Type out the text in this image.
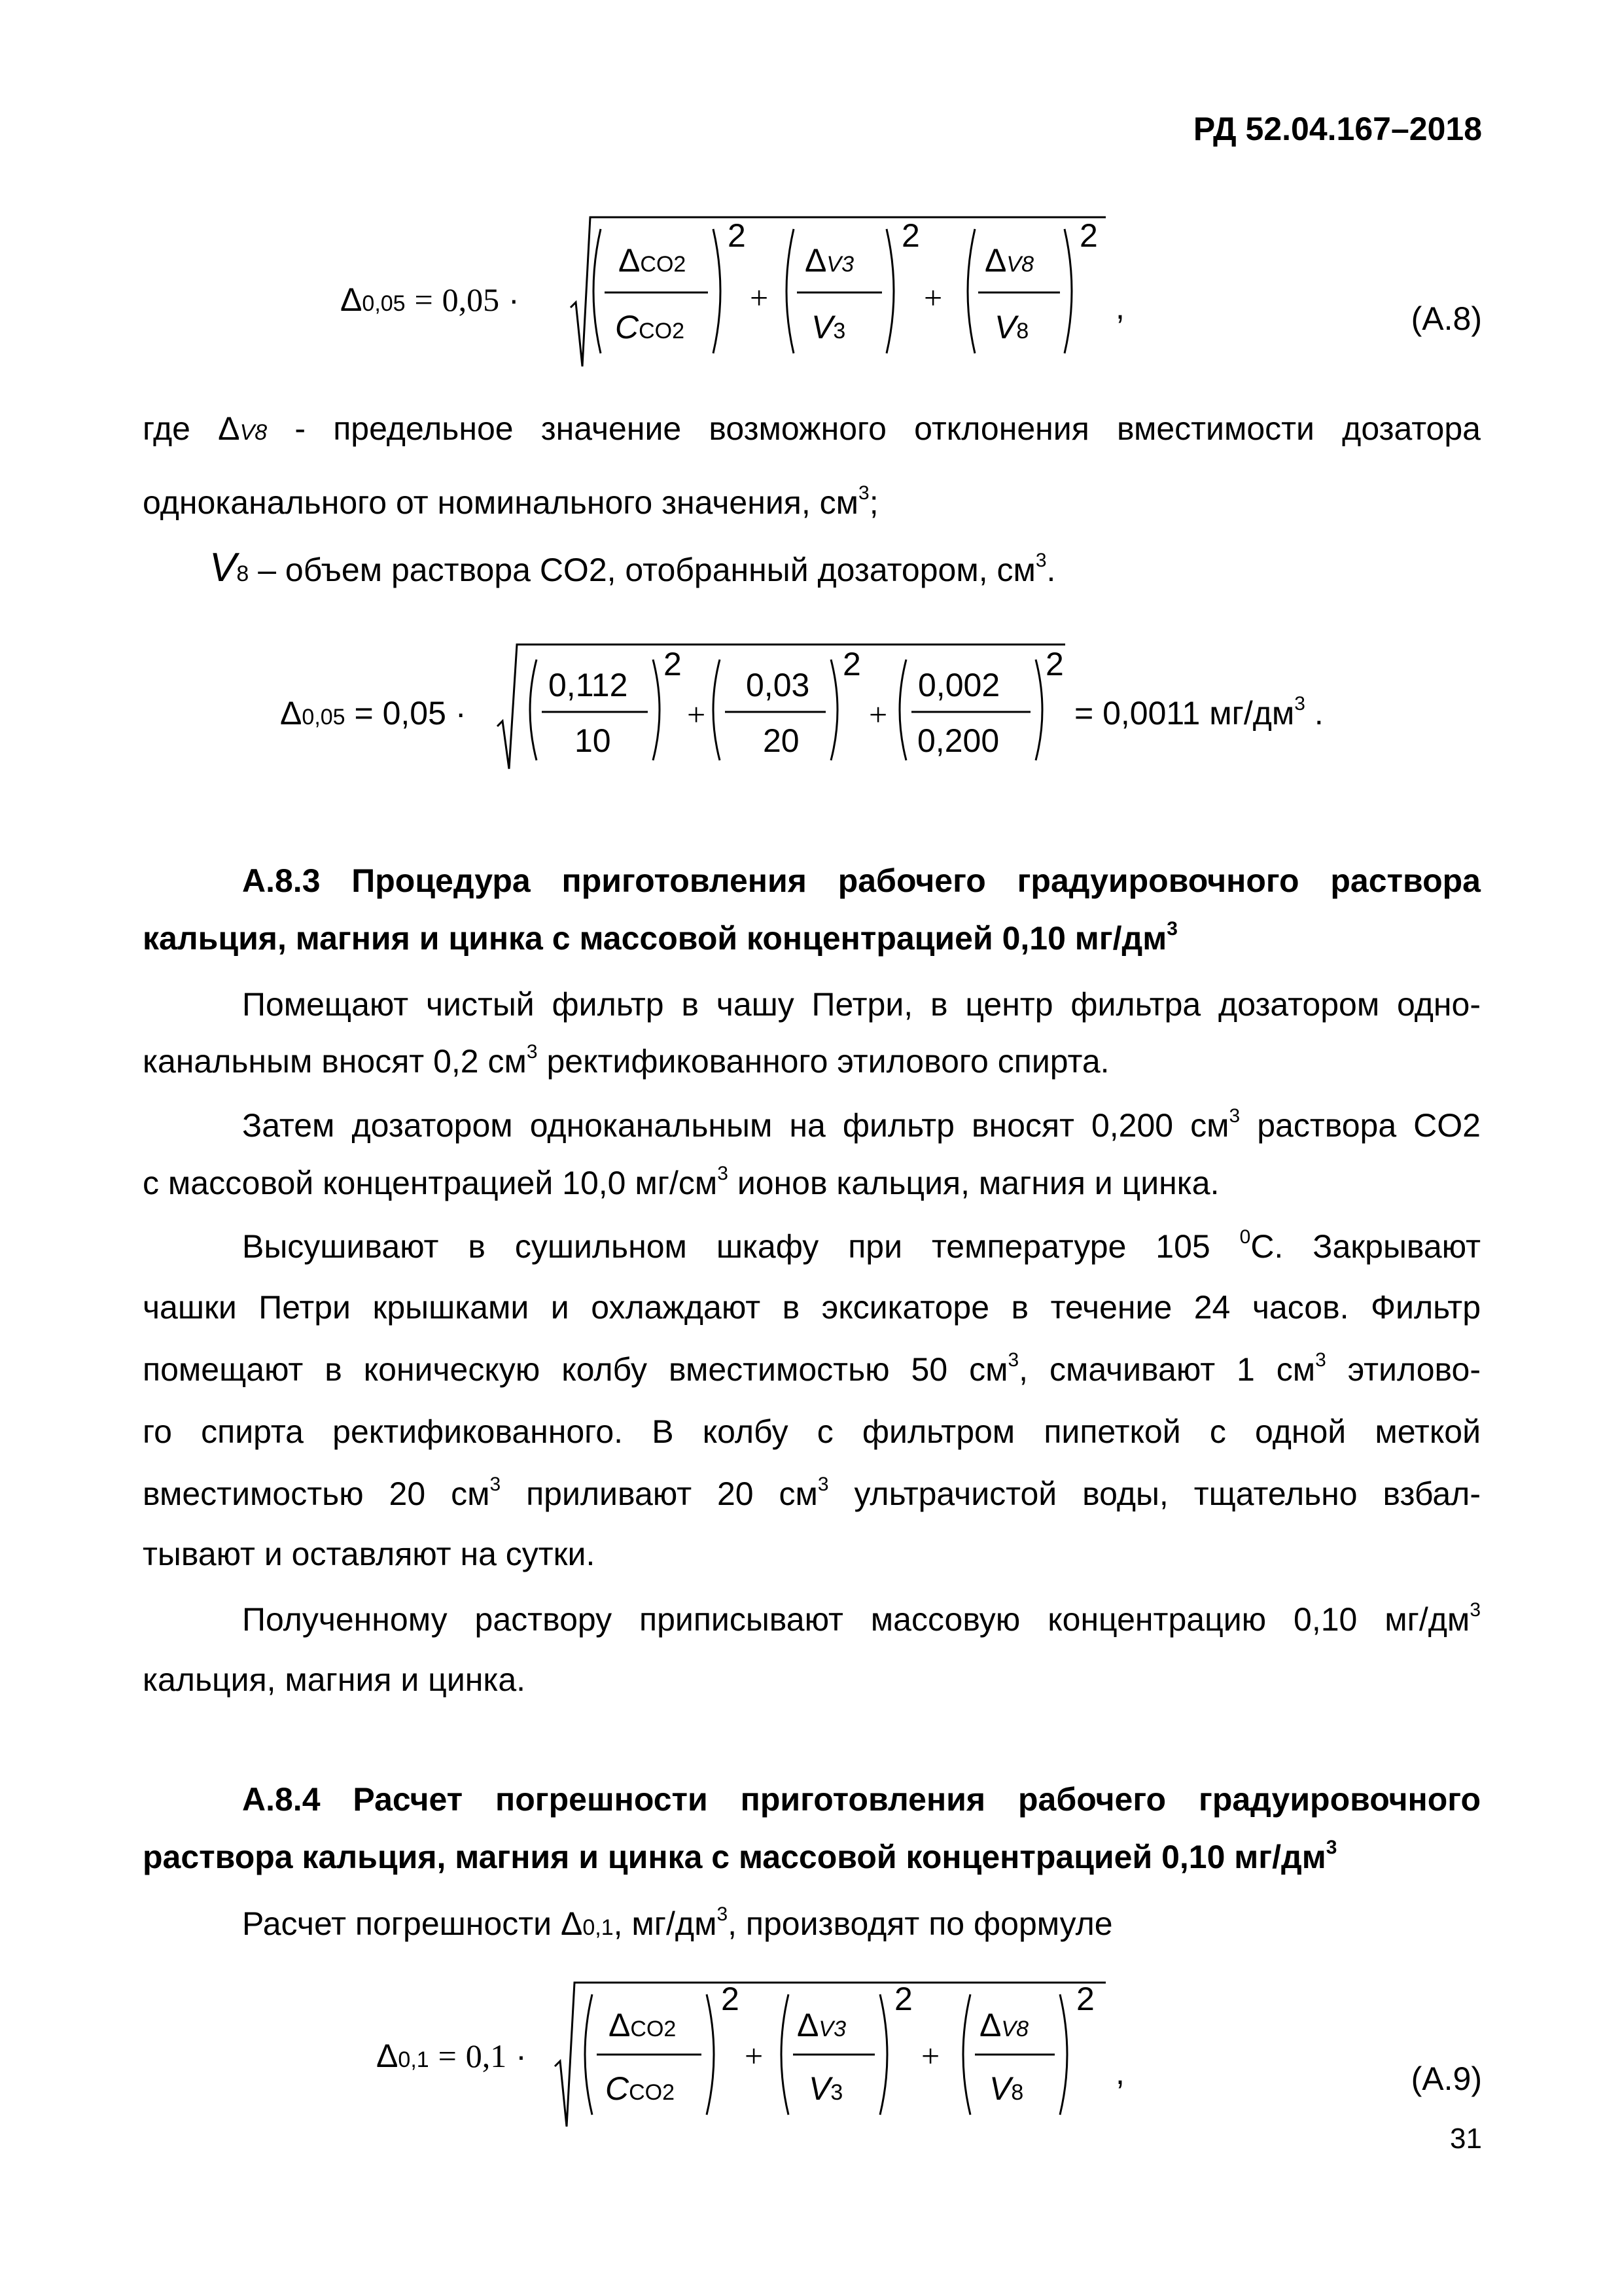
РД 52.04.167–2018
Δ0,05 = 0,05 ·
ΔCO2
CCO2
2
+
ΔV3
V3
2
+
ΔV8
V8
2
,	(А.8)
где ΔV8 - предельное значение возможного отклонения вместимости дозатора
одноканального от номинального значения, $см^3$;
V8 – объем раствора CO2, отобранный дозатором, $см^3$.
Δ0,05 = 0,05 ·
0,112
10
2
+
0,03
20
2
+
0,002
0,200
2
= 0,0011 $мг/дм^3$ .
А.8.3 Процедура приготовления рабочего градуировочного раствора
кальция, магния и цинка с массовой концентрацией 0,10 $мг/дм^3$
Помещают чистый фильтр в чашу Петри, в центр фильтра дозатором одно-
канальным вносят 0,2 $см^3$ ректификованного этилового спирта.
Затем дозатором одноканальным на фильтр вносят 0,200 $см^3$ раствора CO2
с массовой концентрацией 10,0 $мг/см^3$ ионов кальция, магния и цинка.
Высушивают в сушильном шкафу при температуре 105 $^0$С. Закрывают
чашки Петри крышками и охлаждают в эксикаторе в течение 24 часов. Фильтр
помещают в коническую колбу вместимостью 50 $см^3$, смачивают 1 $см^3$ этилово-
го спирта ректификованного. В колбу с фильтром пипеткой с одной меткой
вместимостью 20 $см^3$ приливают 20 $см^3$ ультрачистой воды, тщательно взбал-
тывают и оставляют на сутки.
Полученному раствору приписывают массовую концентрацию 0,10 $мг/дм^3$
кальция, магния и цинка.
А.8.4 Расчет погрешности приготовления рабочего градуировочного
раствора кальция, магния и цинка с массовой концентрацией 0,10 $мг/дм^3$
Расчет погрешности Δ0,1, $мг/дм^3$, производят по формуле
Δ0,1 = 0,1 ·
ΔCO2
CCO2
2
+
ΔV3
V3
2
+
ΔV8
V8
2
,	(А.9)
31
